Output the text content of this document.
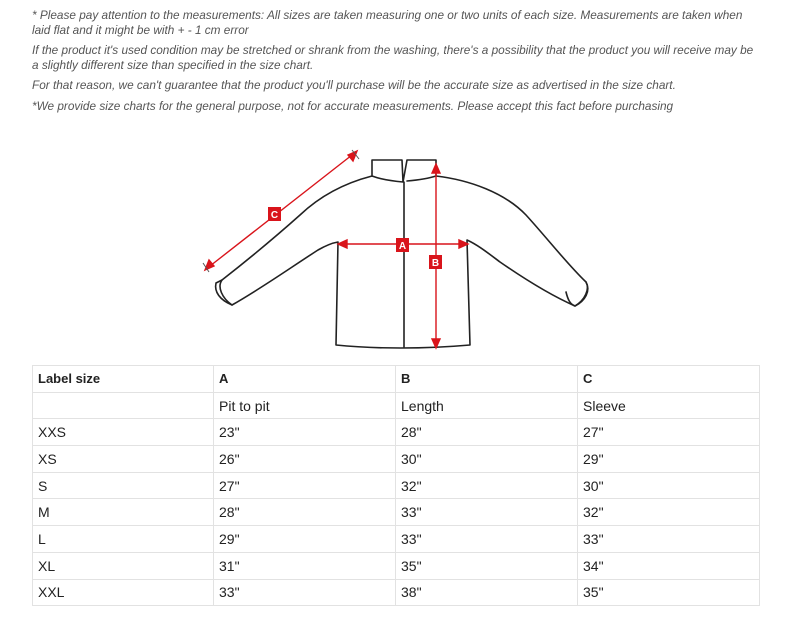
* Please pay attention to the measurements: All sizes are taken measuring one or two units of each size. Measurements are taken when laid flat and it might be with + - 1 cm error

If the product it's used condition may be stretched or shrank from the washing, there's a possibility that the product you will receive may be a slightly different size than specified in the size chart.

For that reason, we can't guarantee that the product you'll purchase will be the accurate size as advertised in the size chart.

*We provide size charts for the general purpose, not for accurate measurements. Please accept this fact before purchasing

A
B
C
Label size	A	B	C
	Pit to pit	Length	Sleeve
XXS	23"	28"	27"
XS	26"	30"	29"
S	27"	32"	30"
M	28"	33"	32"
L	29"	33"	33"
XL	31"	35"	34"
XXL	33"	38"	35"
